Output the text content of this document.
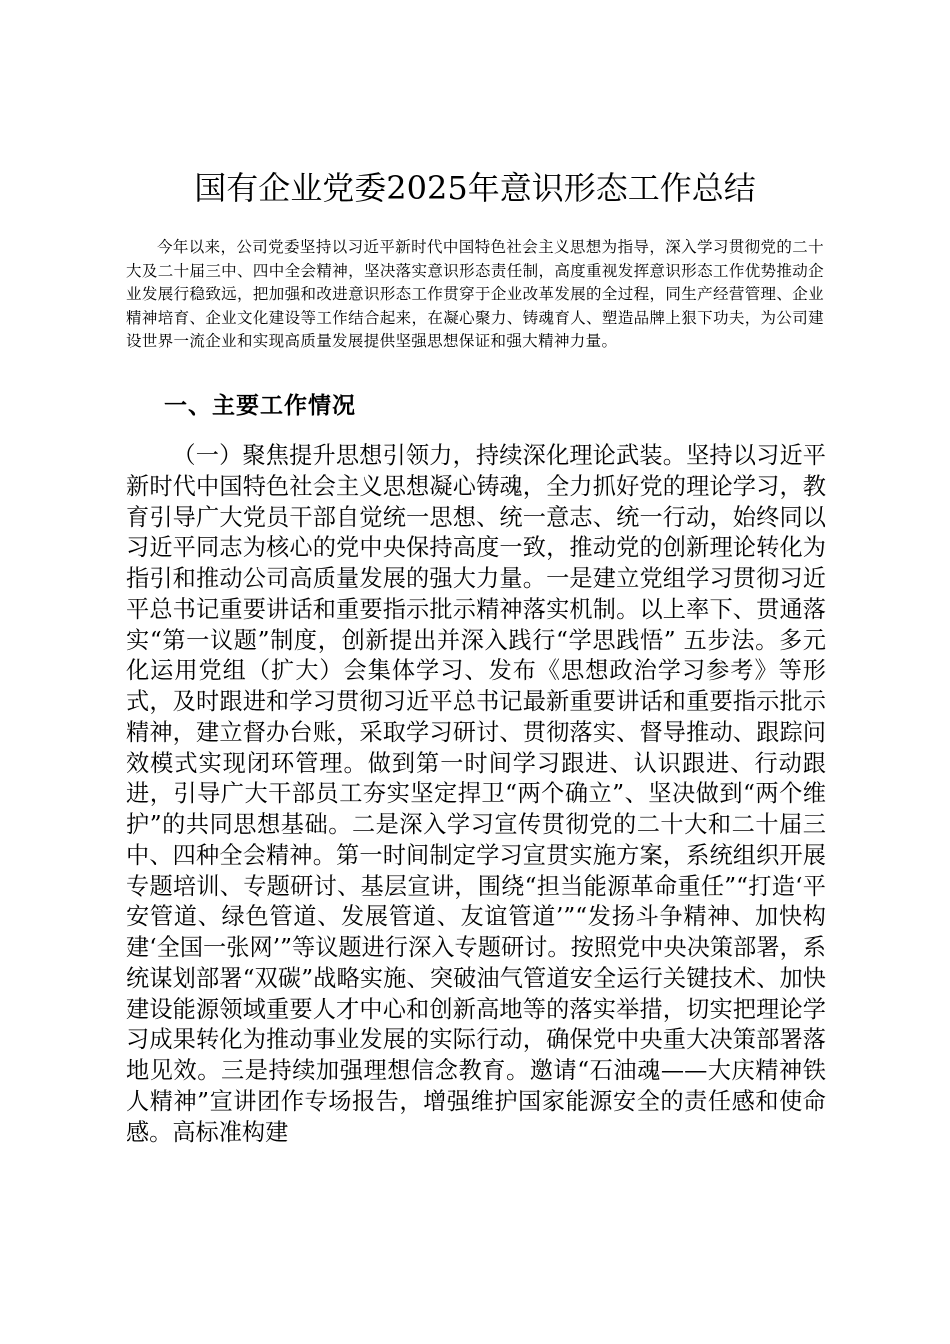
国有企业党委2025年意识形态工作总结

今年以来，公司党委坚持以习近平新时代中国特色社会主义思想为指导，深入学习贯彻党的二十大及二十届三中、四中全会精神，坚决落实意识形态责任制，高度重视发挥意识形态工作优势推动企业发展行稳致远，把加强和改进意识形态工作贯穿于企业改革发展的全过程，同生产经营管理、企业精神培育、企业文化建设等工作结合起来，在凝心聚力、铸魂育人、塑造品牌上狠下功夫，为公司建设世界一流企业和实现高质量发展提供坚强思想保证和强大精神力量。

一、主要工作情况

（一）聚焦提升思想引领力，持续深化理论武装。坚持以习近平新时代中国特色社会主义思想凝心铸魂，全力抓好党的理论学习，教育引导广大党员干部自觉统一思想、统一意志、统一行动，始终同以习近平同志为核心的党中央保持高度一致，推动党的创新理论转化为指引和推动公司高质量发展的强大力量。一是建立党组学习贯彻习近平总书记重要讲话和重要指示批示精神落实机制。以上率下、贯通落实“第一议题”制度，创新提出并深入践行“学思践悟” 五步法。多元化运用党组（扩大）会集体学习、发布《思想政治学习参考》等形式，及时跟进和学习贯彻习近平总书记最新重要讲话和重要指示批示精神，建立督办台账，采取学习研讨、贯彻落实、督导推动、跟踪问效模式实现闭环管理。做到第一时间学习跟进、认识跟进、行动跟进，引导广大干部员工夯实坚定捍卫“两个确立”、坚决做到“两个维护”的共同思想基础。二是深入学习宣传贯彻党的二十大和二十届三中、四种全会精神。第一时间制定学习宣贯实施方案，系统组织开展专题培训、专题研讨、基层宣讲，围绕“担当能源革命重任”“打造‘平安管道、绿色管道、发展管道、友谊管道’”“发扬斗争精神、加快构建‘全国一张网’”等议题进行深入专题研讨。按照党中央决策部署，系统谋划部署“双碳”战略实施、突破油气管道安全运行关键技术、加快建设能源领域重要人才中心和创新高地等的落实举措，切实把理论学习成果转化为推动事业发展的实际行动，确保党中央重大决策部署落地见效。三是持续加强理想信念教育。邀请“石油魂——大庆精神铁人精神”宣讲团作专场报告，增强维护国家能源安全的责任感和使命感。高标准构建
